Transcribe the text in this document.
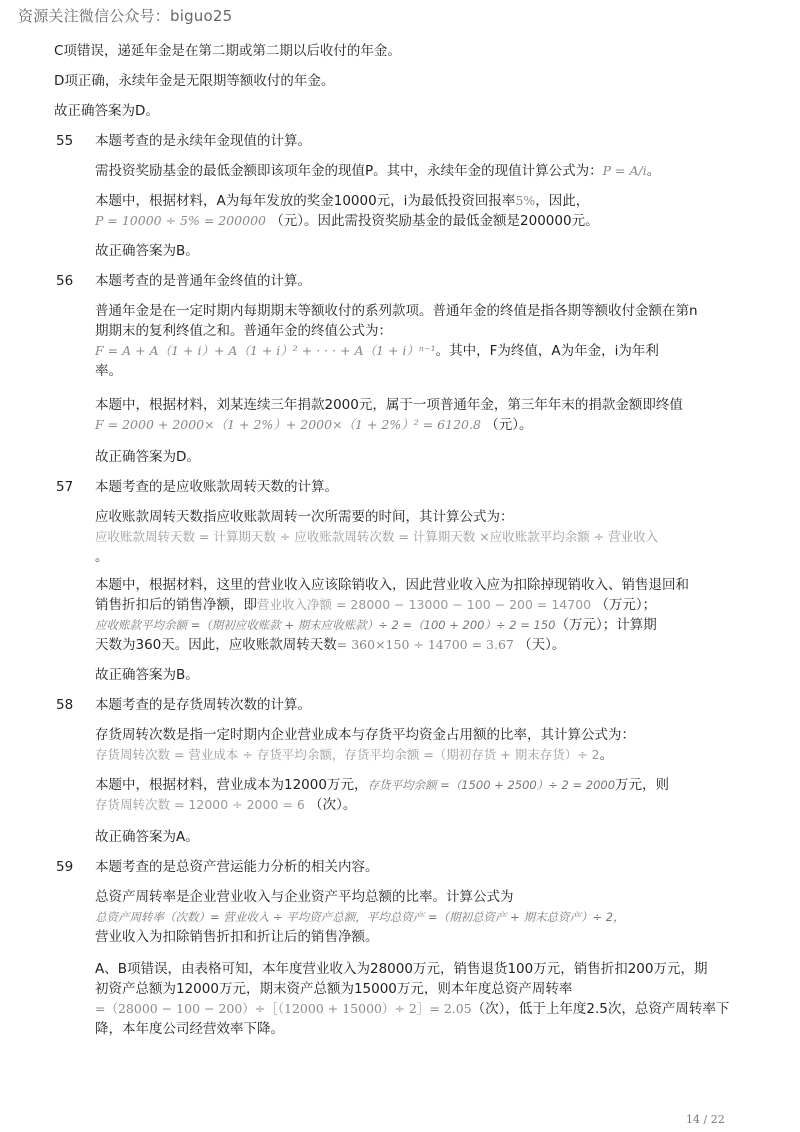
资源关注微信公众号：biguo25
C项错误，递延年金是在第二期或第二期以后收付的年金。
D项正确，永续年金是无限期等额收付的年金。
故正确答案为D。
55 本题考查的是永续年金现值的计算。
需投资奖励基金的最低金额即该项年金的现值P。其中，永续年金的现值计算公式为：P = A/i。
本题中，根据材料，A为每年发放的奖金10000元，i为最低投资回报率5%，因此，
P = 10000 ÷ 5% = 200000 （元）。因此需投资奖励基金的最低金额是200000元。
故正确答案为B。
56 本题考查的是普通年金终值的计算。
普通年金是在一定时期内每期期末等额收付的系列款项。普通年金的终值是指各期等额收付金额在第n
期期末的复利终值之和。普通年金的终值公式为：
F = A + A（1 + i）+ A（1 + i）² + · · · + A（1 + i）ⁿ⁻¹。其中，F为终值，A为年金，i为年利
率。
本题中，根据材料，刘某连续三年捐款2000元，属于一项普通年金，第三年年末的捐款金额即终值
F = 2000 + 2000×（1 + 2%）+ 2000×（1 + 2%）² = 6120.8 （元）。
故正确答案为D。
57 本题考查的是应收账款周转天数的计算。
应收账款周转天数指应收账款周转一次所需要的时间，其计算公式为：
应收账款周转天数 = 计算期天数 ÷ 应收账款周转次数 = 计算期天数 ×应收账款平均余额 ÷ 营业收入
。
本题中，根据材料，这里的营业收入应该除销收入，因此营业收入应为扣除掉现销收入、销售退回和
销售折扣后的销售净额，即营业收入净额 = 28000 − 13000 − 100 − 200 = 14700 （万元）；
应收账款平均余额 =（期初应收账款 + 期末应收账款）÷ 2 =（100 + 200）÷ 2 = 150（万元）；计算期
天数为360天。因此，应收账款周转天数= 360×150 ÷ 14700 = 3.67 （天）。
故正确答案为B。
58 本题考查的是存货周转次数的计算。
存货周转次数是指一定时期内企业营业成本与存货平均资金占用额的比率，其计算公式为：
存货周转次数 = 营业成本 ÷ 存货平均余额，存货平均余额 =（期初存货 + 期末存货）÷ 2。
本题中，根据材料，营业成本为12000万元，存货平均余额 =（1500 + 2500）÷ 2 = 2000万元，则
存货周转次数 = 12000 ÷ 2000 = 6 （次）。
故正确答案为A。
59 本题考查的是总资产营运能力分析的相关内容。
总资产周转率是企业营业收入与企业资产平均总额的比率。计算公式为
总资产周转率（次数）= 营业收入 ÷ 平均资产总额，平均总资产 =（期初总资产 + 期末总资产）÷ 2，
营业收入为扣除销售折扣和折让后的销售净额。
A、B项错误，由表格可知，本年度营业收入为28000万元，销售退货100万元，销售折扣200万元，期
初资产总额为12000万元，期末资产总额为15000万元，则本年度总资产周转率
=（28000 − 100 − 200）÷［（12000 + 15000）÷ 2］= 2.05（次），低于上年度2.5次，总资产周转率下
降，本年度公司经营效率下降。
14 / 22
